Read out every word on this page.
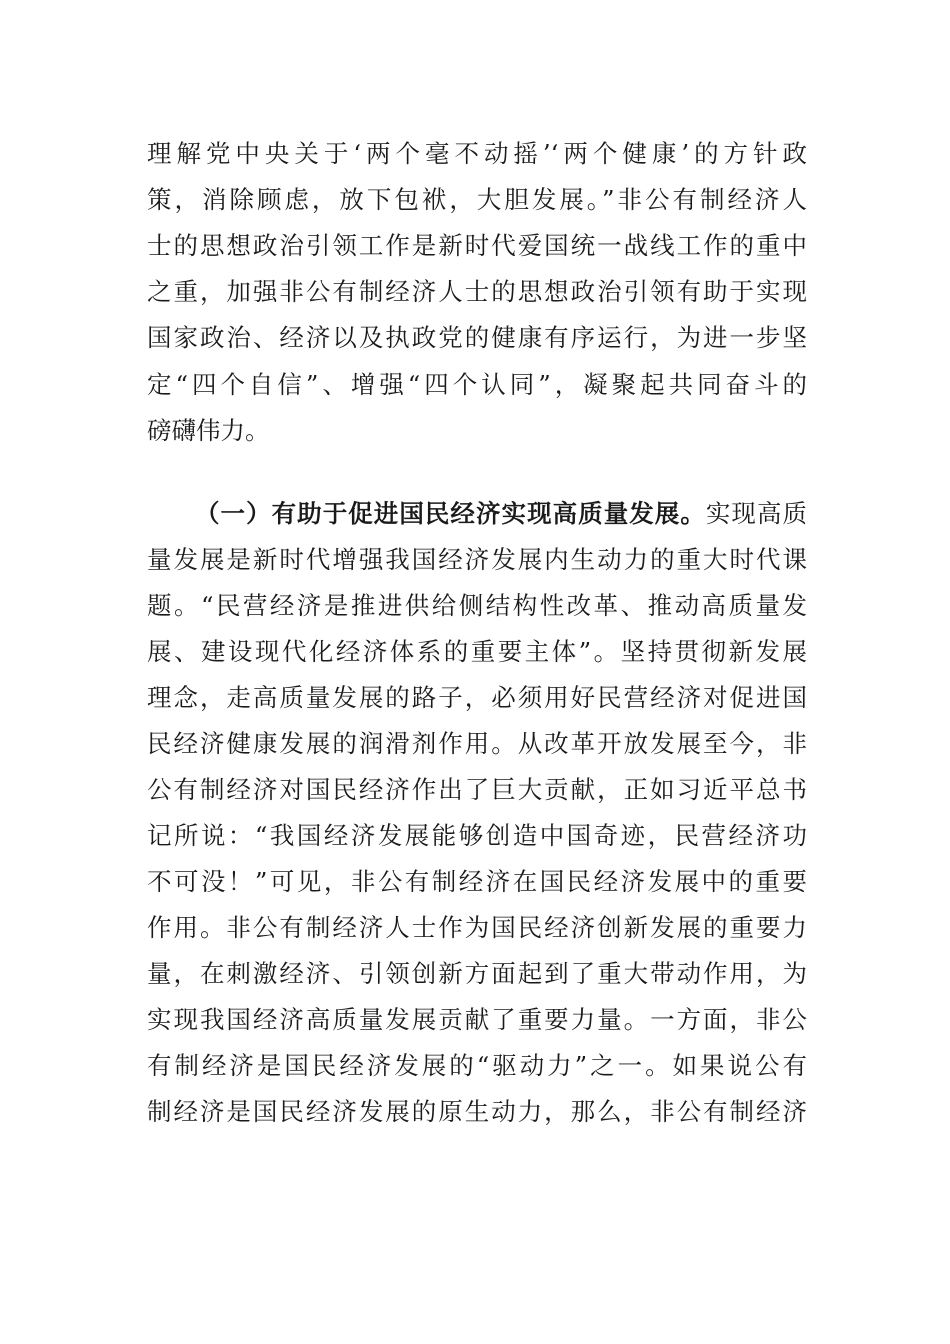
理解党中央关于‘两个毫不动摇’‘两个健康’的方针政
策，消除顾虑，放下包袱，大胆发展。”非公有制经济人
士的思想政治引领工作是新时代爱国统一战线工作的重中
之重，加强非公有制经济人士的思想政治引领有助于实现
国家政治、经济以及执政党的健康有序运行，为进一步坚
定“四个自信”、增强“四个认同”，凝聚起共同奋斗的
磅礴伟力。
（一）有助于促进国民经济实现高质量发展。实现高质
量发展是新时代增强我国经济发展内生动力的重大时代课
题。“民营经济是推进供给侧结构性改革、推动高质量发
展、建设现代化经济体系的重要主体”。坚持贯彻新发展
理念，走高质量发展的路子，必须用好民营经济对促进国
民经济健康发展的润滑剂作用。从改革开放发展至今，非
公有制经济对国民经济作出了巨大贡献，正如习近平总书
记所说：“我国经济发展能够创造中国奇迹，民营经济功
不可没！”可见，非公有制经济在国民经济发展中的重要
作用。非公有制经济人士作为国民经济创新发展的重要力
量，在刺激经济、引领创新方面起到了重大带动作用，为
实现我国经济高质量发展贡献了重要力量。一方面，非公
有制经济是国民经济发展的“驱动力”之一。如果说公有
制经济是国民经济发展的原生动力，那么，非公有制经济
